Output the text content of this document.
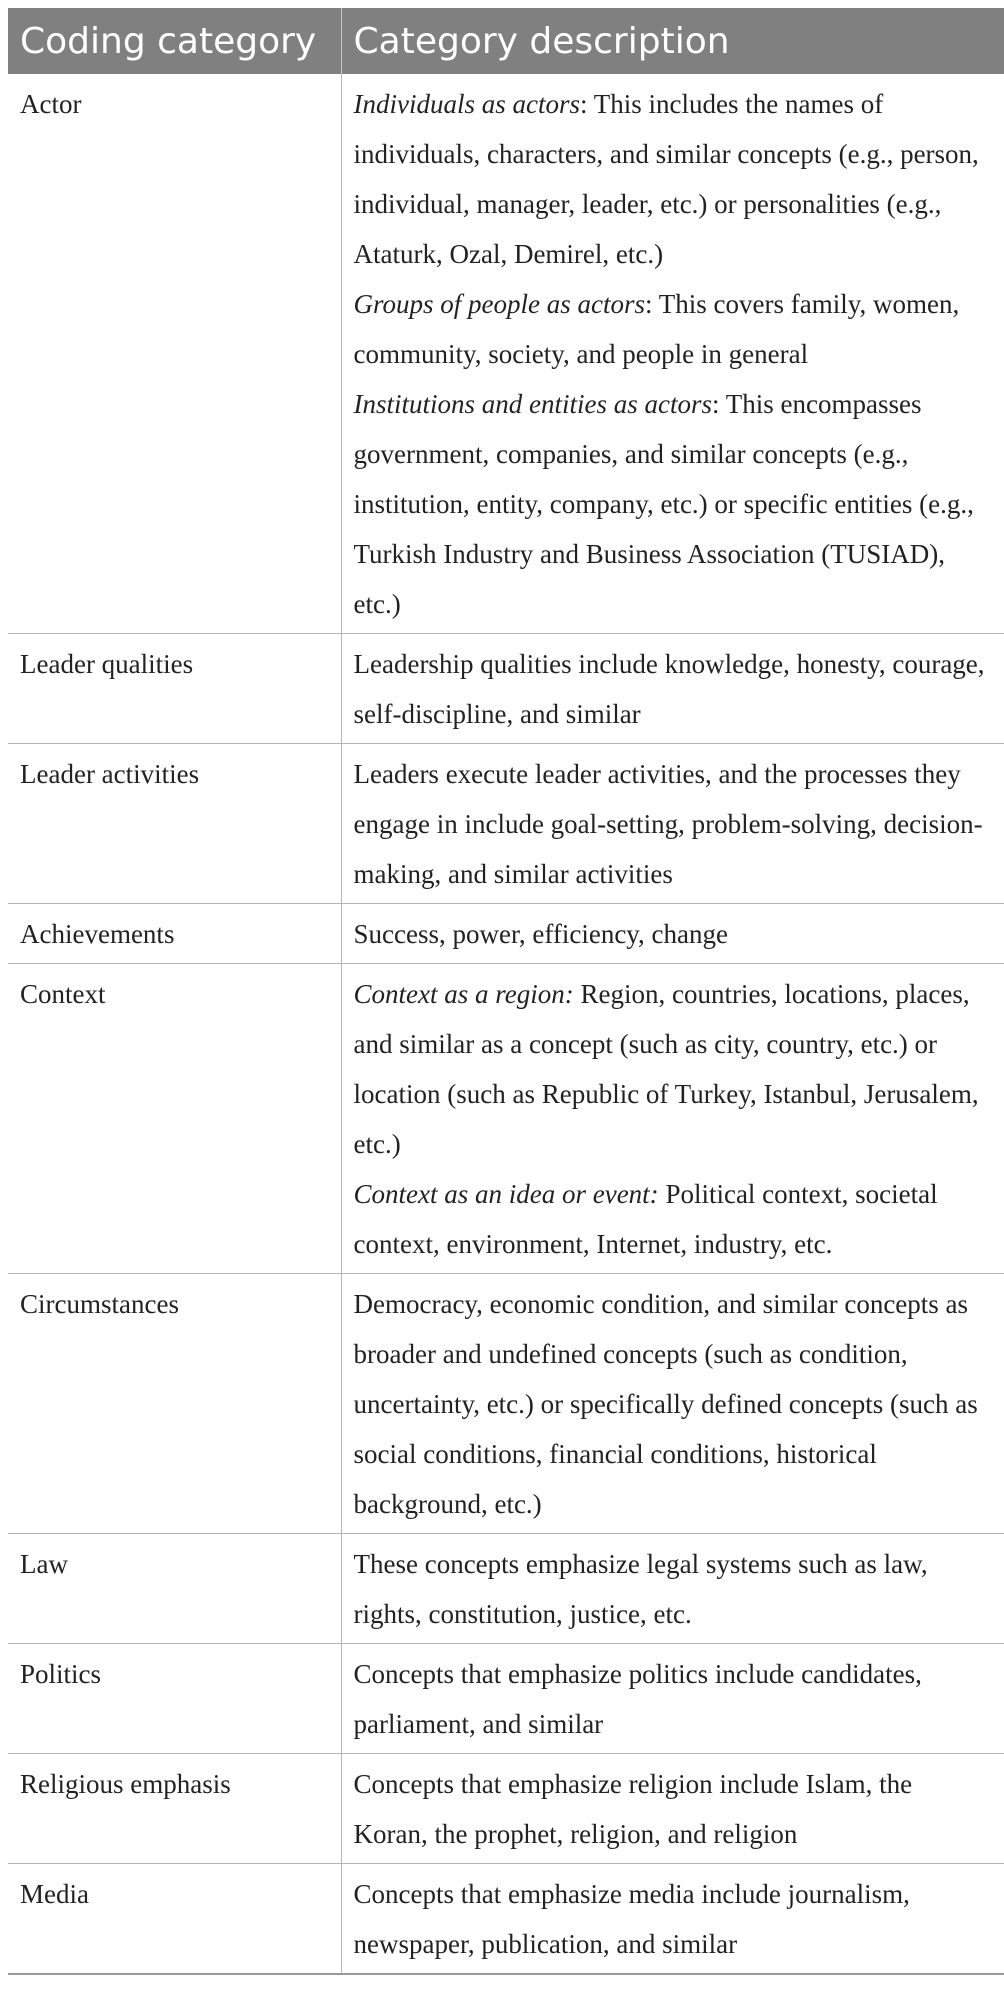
Coding category	Category description
Actor	Individuals as actors: This includes the names of individuals, characters, and similar concepts (e.g., person, individual, manager, leader, etc.) or personalities (e.g., Ataturk, Ozal, Demirel, etc.)
Groups of people as actors: This covers family, women, community, society, and people in general
Institutions and entities as actors: This encompasses government, companies, and similar concepts (e.g., institution, entity, company, etc.) or specific entities (e.g., Turkish Industry and Business Association (TUSIAD), etc.)

Leader qualities	Leadership qualities include knowledge, honesty, courage, self-discipline, and similar

Leader activities	Leaders execute leader activities, and the processes they engage in include goal-setting, problem-solving, decision-making, and similar activities

Achievements	Success, power, efficiency, change

Context	Context as a region: Region, countries, locations, places, and similar as a concept (such as city, country, etc.) or location (such as Republic of Turkey, Istanbul, Jerusalem, etc.)
Context as an idea or event: Political context, societal context, environment, Internet, industry, etc.

Circumstances	Democracy, economic condition, and similar concepts as broader and undefined concepts (such as condition, uncertainty, etc.) or specifically defined concepts (such as social conditions, financial conditions, historical background, etc.)

Law	These concepts emphasize legal systems such as law, rights, constitution, justice, etc.

Politics	Concepts that emphasize politics include candidates, parliament, and similar

Religious emphasis	Concepts that emphasize religion include Islam, the Koran, the prophet, religion, and religion

Media	Concepts that emphasize media include journalism, newspaper, publication, and similar
